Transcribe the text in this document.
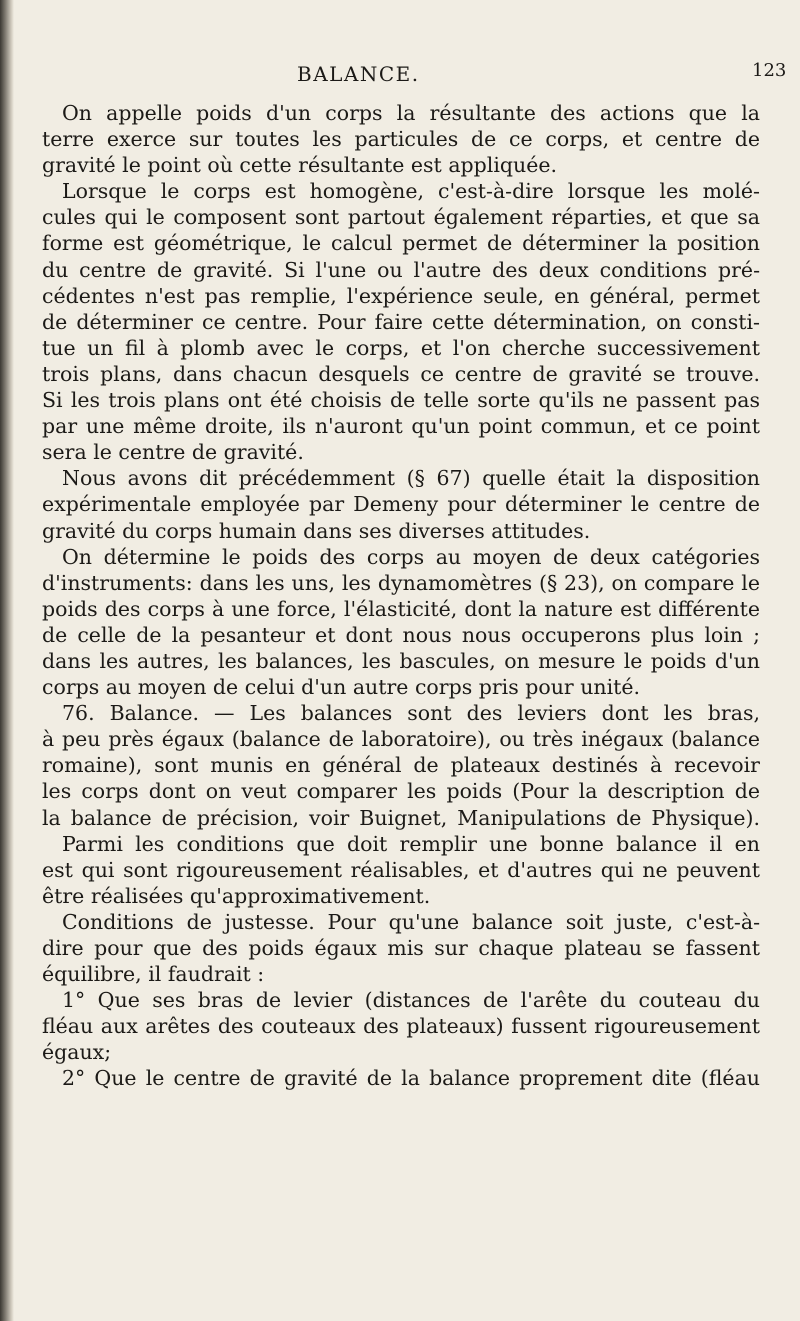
BALANCE.	123
On appelle poids d'un corps la résultante des actions que la
terre exerce sur toutes les particules de ce corps, et centre de
gravité le point où cette résultante est appliquée.
Lorsque le corps est homogène, c'est-à-dire lorsque les molé-
cules qui le composent sont partout également réparties, et que sa
forme est géométrique, le calcul permet de déterminer la position
du centre de gravité. Si l'une ou l'autre des deux conditions pré-
cédentes n'est pas remplie, l'expérience seule, en général, permet
de déterminer ce centre. Pour faire cette détermination, on consti-
tue un fil à plomb avec le corps, et l'on cherche successivement
trois plans, dans chacun desquels ce centre de gravité se trouve.
Si les trois plans ont été choisis de telle sorte qu'ils ne passent pas
par une même droite, ils n'auront qu'un point commun, et ce point
sera le centre de gravité.
Nous avons dit précédemment (§ 67) quelle était la disposition
expérimentale employée par Demeny pour déterminer le centre de
gravité du corps humain dans ses diverses attitudes.
On détermine le poids des corps au moyen de deux catégories
d'instruments: dans les uns, les dynamomètres (§ 23), on compare le
poids des corps à une force, l'élasticité, dont la nature est différente
de celle de la pesanteur et dont nous nous occuperons plus loin ;
dans les autres, les balances, les bascules, on mesure le poids d'un
corps au moyen de celui d'un autre corps pris pour unité.
76. Balance. — Les balances sont des leviers dont les bras,
à peu près égaux (balance de laboratoire), ou très inégaux (balance
romaine), sont munis en général de plateaux destinés à recevoir
les corps dont on veut comparer les poids (Pour la description de
la balance de précision, voir Buignet, Manipulations de Physique).
Parmi les conditions que doit remplir une bonne balance il en
est qui sont rigoureusement réalisables, et d'autres qui ne peuvent
être réalisées qu'approximativement.
Conditions de justesse. Pour qu'une balance soit juste, c'est-à-
dire pour que des poids égaux mis sur chaque plateau se fassent
équilibre, il faudrait :
1° Que ses bras de levier (distances de l'arête du couteau du
fléau aux arêtes des couteaux des plateaux) fussent rigoureusement
égaux;
2° Que le centre de gravité de la balance proprement dite (fléau
